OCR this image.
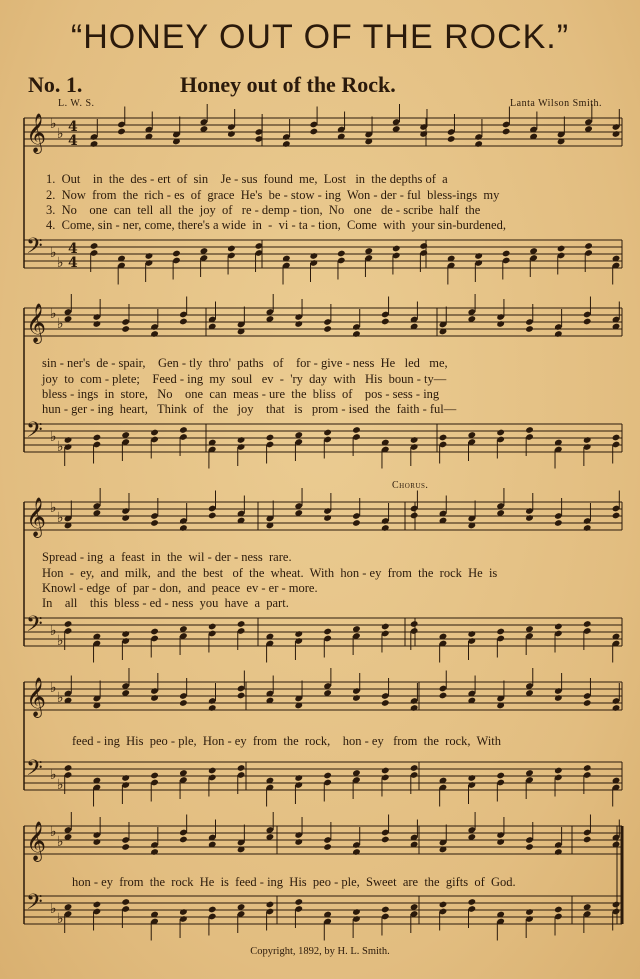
“HONEY OUT OF THE ROCK.”
No. 1.	Honey out of the Rock.
L. W. S.	Lanta Wilson Smith.
𝄞 ♭
♭ 4
4
𝄢 ♭
♭
4
4
𝄞 ♭
♭
𝄢 ♭
♭
𝄞 ♭
♭
𝄢 ♭
♭
𝄞 ♭
♭
𝄢 ♭
♭
𝄞 ♭
♭
𝄢 ♭
♭
1.  Out    in  the  des - ert  of  sin    Je - sus  found  me,  Lost   in  the depths of  a
2.  Now  from  the  rich - es  of  grace  He's  be - stow - ing  Won - der - ful  bless-ings  my
3.  No    one  can  tell  all  the  joy  of   re - demp - tion,  No   one   de - scribe  half  the
4.  Come, sin - ner, come, there's a wide  in  -  vi - ta - tion,  Come  with  your sin-burdened,
sin - ner's  de - spair,    Gen - tly  thro'  paths   of    for - give - ness  He   led   me,
joy  to  com - plete;    Feed - ing  my  soul   ev  -  'ry  day  with   His  boun - ty—
bless - ings  in  store,   No    one  can  meas - ure  the  bliss  of    pos - sess - ing
hun - ger - ing  heart,   Think  of   the   joy    that   is   prom - ised  the  faith - ful—
Chorus.
Spread - ing  a  feast  in  the  wil - der - ness  rare.
Hon  -  ey,  and  milk,  and  the  best   of  the  wheat.  With  hon - ey  from  the  rock  He  is
Knowl - edge  of  par - don,  and  peace  ev - er - more.
In    all    this  bless - ed - ness  you  have  a  part.
feed - ing  His  peo - ple,  Hon - ey  from  the  rock,    hon - ey   from  the  rock,  With
hon - ey  from  the  rock  He  is  feed - ing  His  peo - ple,  Sweet  are  the  gifts  of  God.
Copyright, 1892, by H. L. Smith.
